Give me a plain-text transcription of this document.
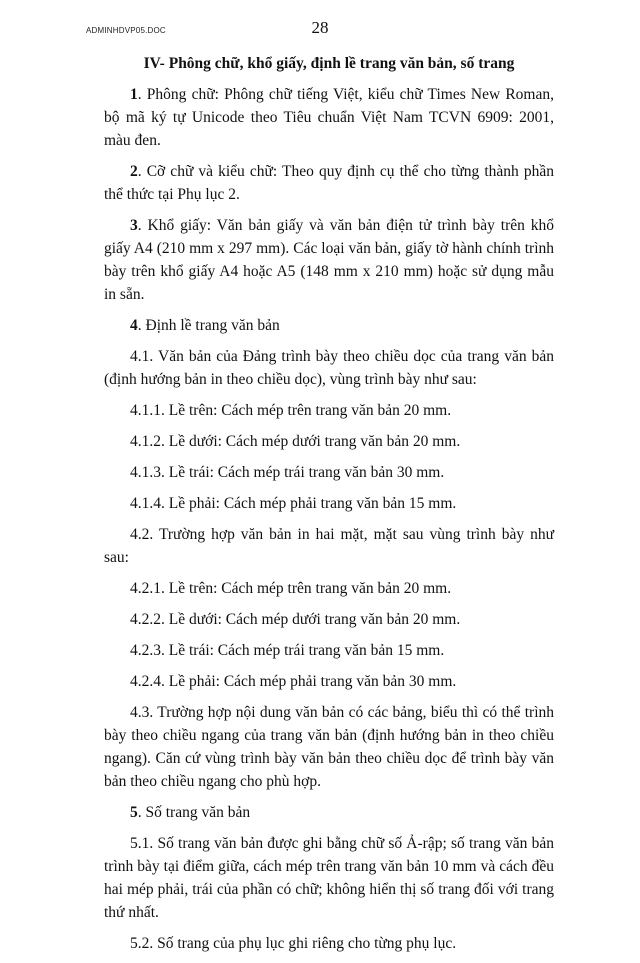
ADMINHDVP05.DOC	28

IV- Phông chữ, khổ giấy, định lề trang văn bản, số trang

1. Phông chữ: Phông chữ tiếng Việt, kiểu chữ Times New Roman, bộ mã ký tự Unicode theo Tiêu chuẩn Việt Nam TCVN 6909: 2001, màu đen.

2. Cỡ chữ và kiểu chữ: Theo quy định cụ thể cho từng thành phần thể thức tại Phụ lục 2.

3. Khổ giấy: Văn bản giấy và văn bản điện tử trình bày trên khổ giấy A4 (210 mm x 297 mm). Các loại văn bản, giấy tờ hành chính trình bày trên khổ giấy A4 hoặc A5 (148 mm x 210 mm) hoặc sử dụng mẫu in sẵn.

4. Định lề trang văn bản

4.1. Văn bản của Đảng trình bày theo chiều dọc của trang văn bản (định hướng bản in theo chiều dọc), vùng trình bày như sau:

4.1.1. Lề trên: Cách mép trên trang văn bản 20 mm.

4.1.2. Lề dưới: Cách mép dưới trang văn bản 20 mm.

4.1.3. Lề trái: Cách mép trái trang văn bản 30 mm.

4.1.4. Lề phải: Cách mép phải trang văn bản 15 mm.

4.2. Trường hợp văn bản in hai mặt, mặt sau vùng trình bày như sau:

4.2.1. Lề trên: Cách mép trên trang văn bản 20 mm.

4.2.2. Lề dưới: Cách mép dưới trang văn bản 20 mm.

4.2.3. Lề trái: Cách mép trái trang văn bản 15 mm.

4.2.4. Lề phải: Cách mép phải trang văn bản 30 mm.

4.3. Trường hợp nội dung văn bản có các bảng, biểu thì có thể trình bày theo chiều ngang của trang văn bản (định hướng bản in theo chiều ngang). Căn cứ vùng trình bày văn bản theo chiều dọc để trình bày văn bản theo chiều ngang cho phù hợp.

5. Số trang văn bản

5.1. Số trang văn bản được ghi bằng chữ số Ả-rập; số trang văn bản trình bày tại điểm giữa, cách mép trên trang văn bản 10 mm và cách đều hai mép phải, trái của phần có chữ; không hiển thị số trang đối với trang thứ nhất.

5.2. Số trang của phụ lục ghi riêng cho từng phụ lục.
